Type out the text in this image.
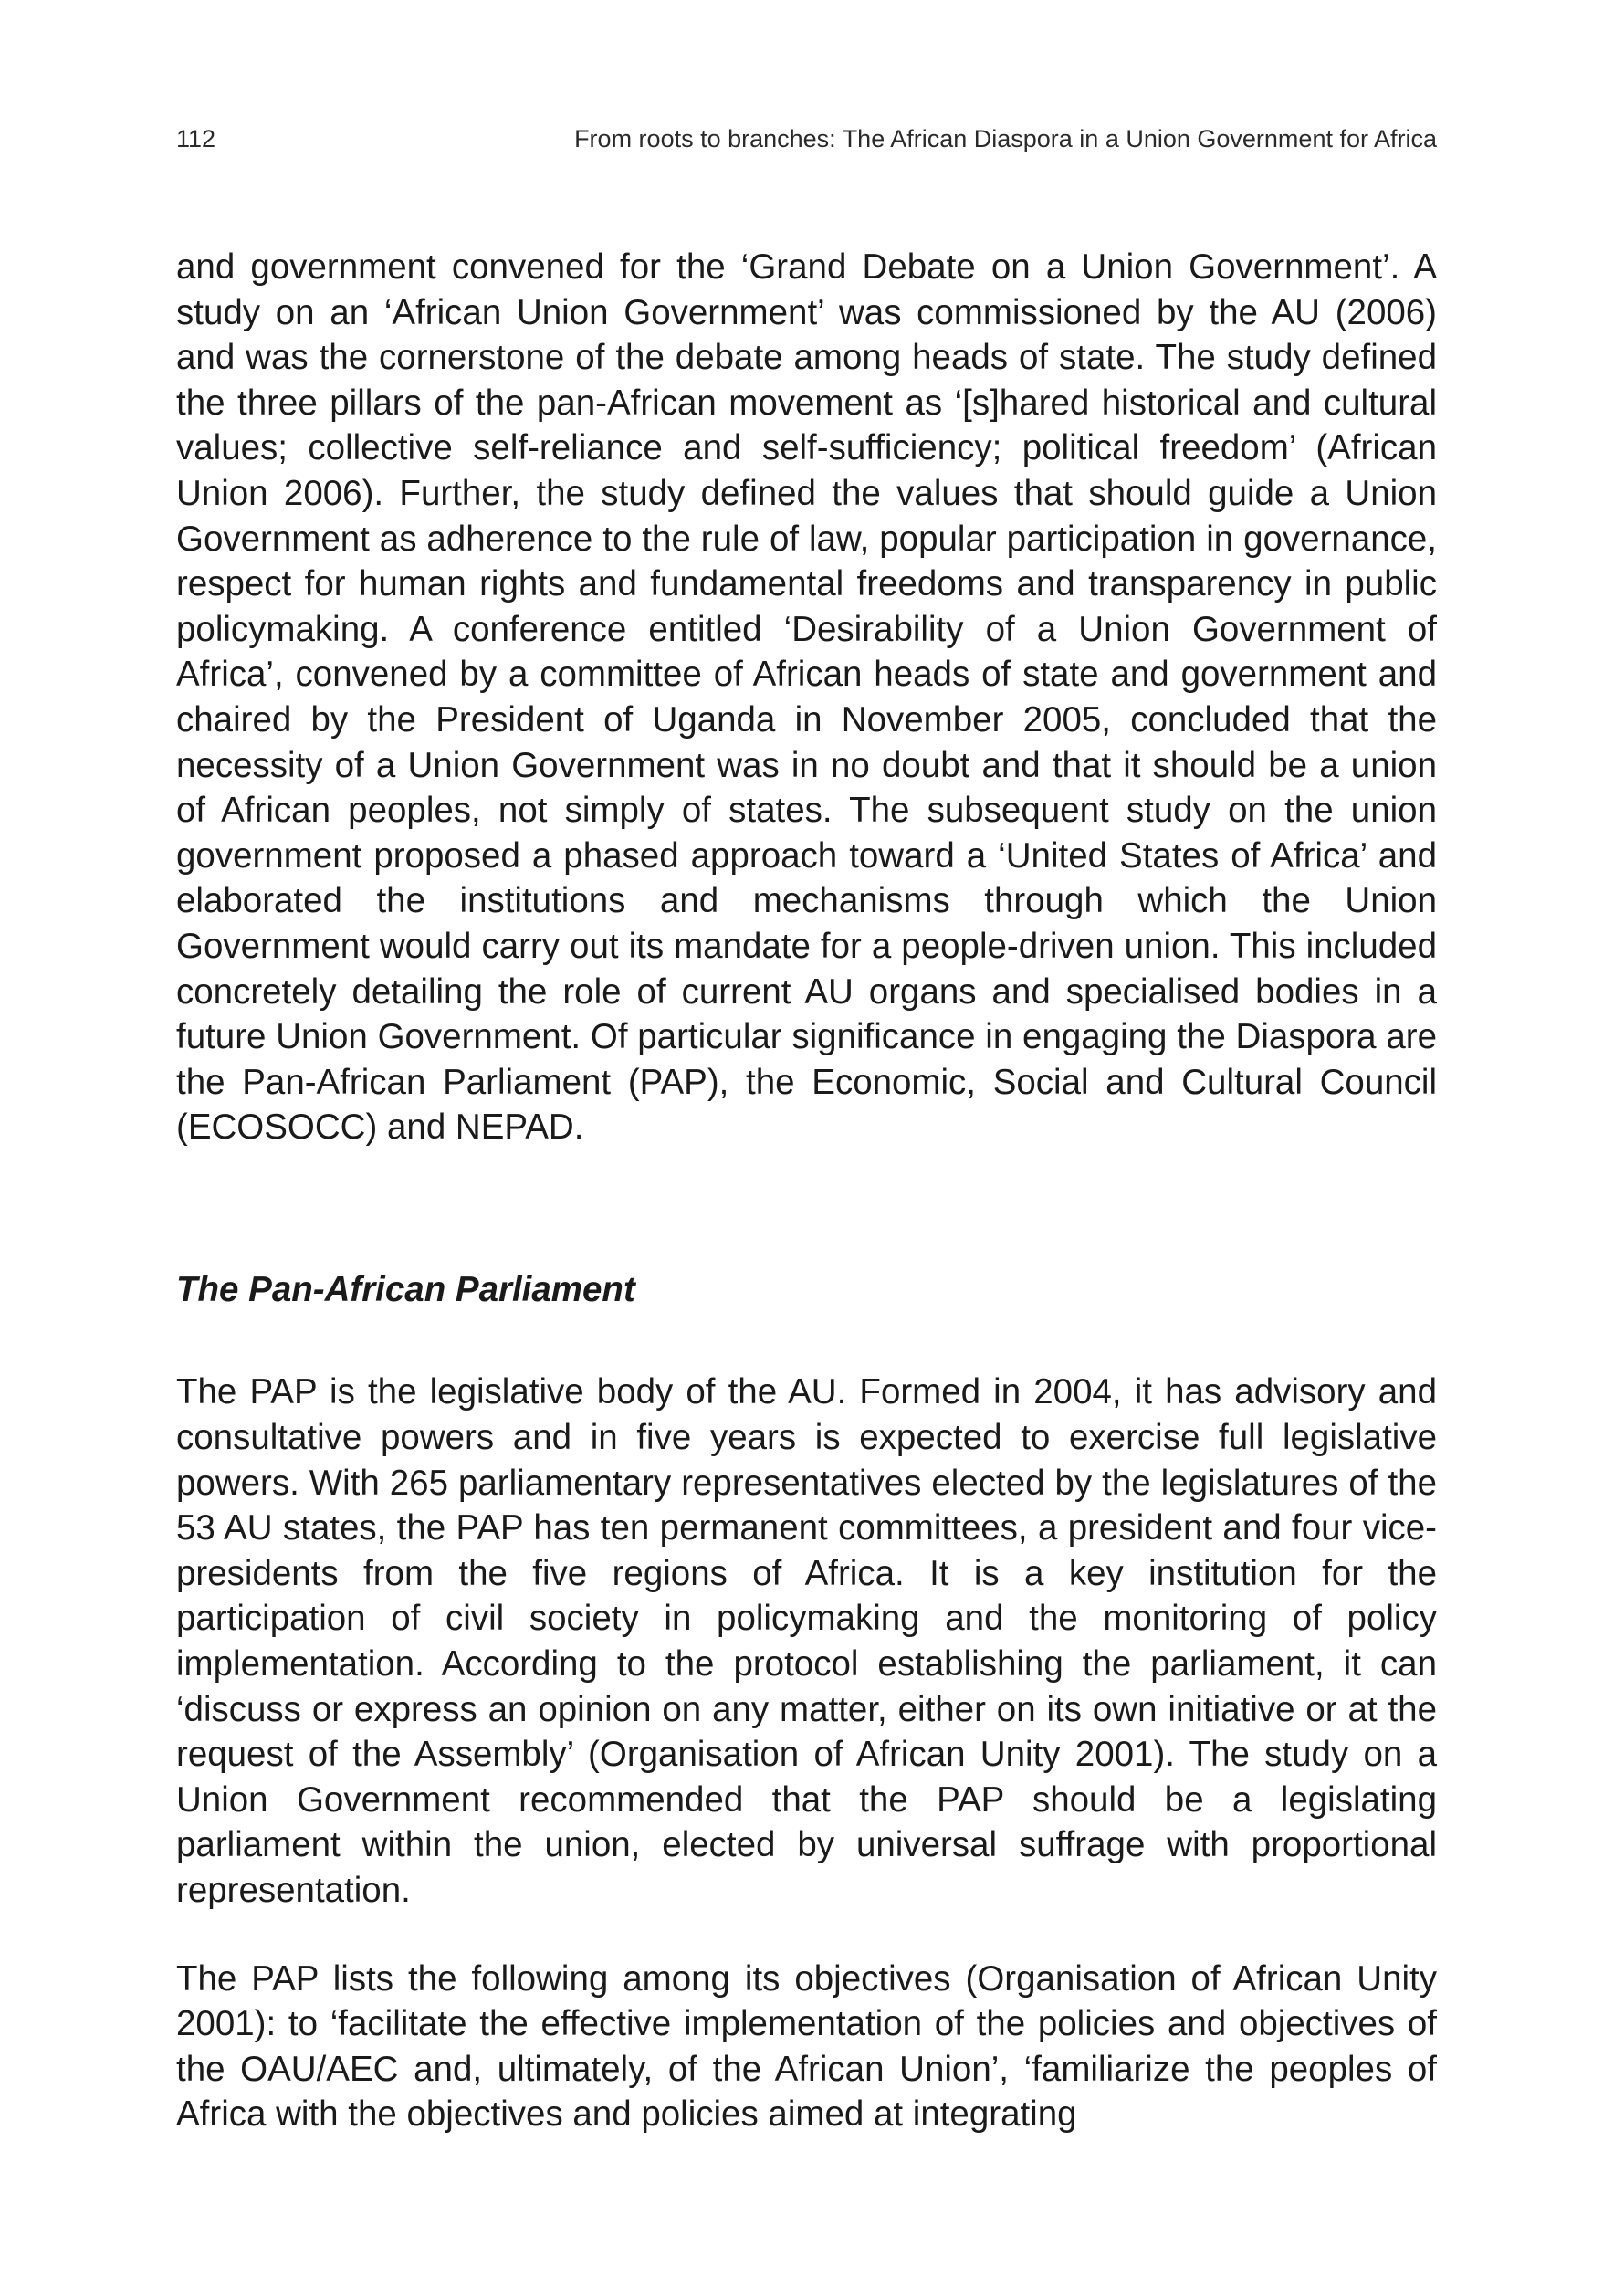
112	From roots to branches: The African Diaspora in a Union Government for Africa

and government convened for the ‘Grand Debate on a Union Government’. A study on an ‘African Union Government’ was commissioned by the AU (2006) and was the cornerstone of the debate among heads of state. The study defined the three pillars of the pan-African movement as ‘[s]hared historical and cultural values; collective self-reliance and self-sufficiency; political freedom’ (African Union 2006). Further, the study defined the values that should guide a Union Government as adherence to the rule of law, popular participation in governance, respect for human rights and fundamental freedoms and transparency in public policymaking. A conference entitled ‘Desirability of a Union Government of Africa’, convened by a committee of African heads of state and government and chaired by the President of Uganda in November 2005, concluded that the necessity of a Union Government was in no doubt and that it should be a union of African peoples, not simply of states. The subsequent study on the union government proposed a phased approach toward a ‘United States of Africa’ and elaborated the institutions and mechanisms through which the Union Government would carry out its mandate for a people-driven union. This included concretely detailing the role of current AU organs and specialised bodies in a future Union Government. Of particular significance in engaging the Diaspora are the Pan-African Parliament (PAP), the Economic, Social and Cultural Council (ECOSOCC) and NEPAD.

The Pan-African Parliament

The PAP is the legislative body of the AU. Formed in 2004, it has advisory and consultative powers and in five years is expected to exercise full legislative powers. With 265 parliamentary representatives elected by the legislatures of the 53 AU states, the PAP has ten permanent committees, a president and four vice-presidents from the five regions of Africa. It is a key institution for the participation of civil society in policymaking and the monitoring of policy implementation. According to the protocol establishing the parliament, it can ‘discuss or express an opinion on any matter, either on its own initiative or at the request of the Assembly’ (Organisation of African Unity 2001). The study on a Union Government recommended that the PAP should be a legislating parliament within the union, elected by universal suffrage with proportional representation.

The PAP lists the following among its objectives (Organisation of African Unity 2001): to ‘facilitate the effective implementation of the policies and objectives of the OAU/AEC and, ultimately, of the African Union’, ‘familiarize the peoples of Africa with the objectives and policies aimed at integrating
